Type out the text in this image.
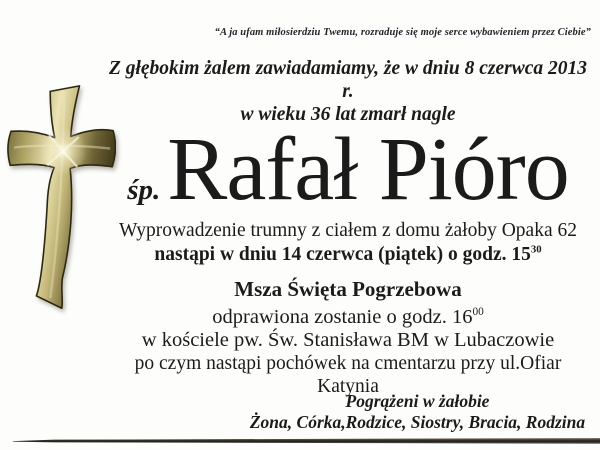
“A ja ufam miłosierdziu Twemu, rozraduje się moje serce wybawieniem przez Ciebie”
Z głębokim żalem zawiadamiamy, że w dniu 8 czerwca 2013 r.
w wieku 36 lat zmarł nagle
śp.Rafał Pióro
Wyprowadzenie trumny z ciałem z domu żałoby Opaka 62
nastąpi w dniu 14 czerwca (piątek) o godz. $15^{30}$
Msza Święta Pogrzebowa
odprawiona zostanie o godz. $16^{00}$
w kościele pw. Św. Stanisława BM w Lubaczowie
po czym nastąpi pochówek na cmentarzu przy ul.Ofiar Katynia
Pogrążeni w żałobie
Żona, Córka,Rodzice, Siostry, Bracia, Rodzina
